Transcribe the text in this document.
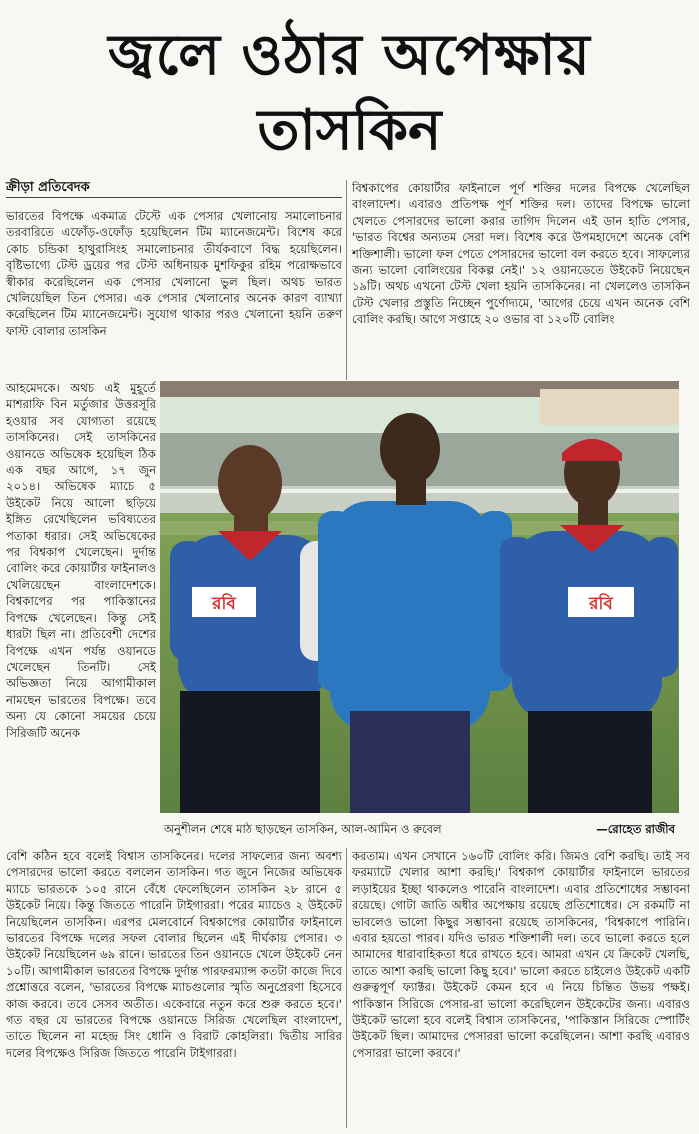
জ্বলে ওঠার অপেক্ষায়
তাসকিন
ক্রীড়া প্রতিবেদক

ভারতের বিপক্ষে একমাত্র টেস্টে এক পেসার খেলানোয় সমালোচনার তরবারিতে এফোঁড়-ওফোঁড় হয়েছিলেন টিম ম্যানেজমেন্ট। বিশেষ করে কোচ চন্ডিকা হাথুরাসিংহ সমালোচনার তীর্যকবাণে বিদ্ধ হয়েছিলেন। বৃষ্টিভাগ্যে টেস্ট ড্রয়ের পর টেস্ট অধিনায়ক মুশফিকুর রহিম পরোক্ষভাবে স্বীকার করেছিলেন এক পেসার খেলানো ভুল ছিল। অথচ ভারত খেলিয়েছিল তিন পেসার। এক পেসার খেলানোর অনেক কারণ ব্যাখ্যা করেছিলেন টিম ম্যানেজমেন্ট। সুযোগ থাকার পরও খেলানো হয়নি তরুণ ফাস্ট বোলার তাসকিন

বিশ্বকাপের কোয়ার্টার ফাইনালে পূর্ণ শক্তির দলের বিপক্ষে খেলেছিল বাংলাদেশ। এবারও প্রতিপক্ষ পূর্ণ শক্তির দল। তাদের বিপক্ষে ভালো খেলতে পেসারদের ভালো করার তাগিদ দিলেন এই ডান হাতি পেসার, 'ভারত বিশ্বের অন্যতম সেরা দল। বিশেষ করে উপমহাদেশে অনেক বেশি শক্তিশালী। ভালো ফল পেতে পেসারদের ভালো বল করতে হবে। সাফল্যের জন্য ভালো বোলিংয়ের বিকল্প নেই।' ১২ ওয়ানডেতে উইকেট নিয়েছেন ১৯টি। অথচ এখনো টেস্ট খেলা হয়নি তাসকিনের। না খেললেও তাসকিন টেস্ট খেলার প্রস্তুতি নিচ্ছেন পুর্ণোদ্যমে, 'আগের চেয়ে এখন অনেক বেশি বোলিং করছি। আগে সপ্তাহে ২০ ওভার বা ১২০টি বোলিং
আহমেদকে। অথচ এই মুহূর্তে মাশরাফি বিন মর্তুজার উত্তরসূরি হওয়ার সব যোগ্যতা রয়েছে তাসকিনের। সেই তাসকিনের ওয়ানডে অভিষেক হয়েছিল ঠিক এক বছর আগে, ১৭ জুন ২০১৪। অভিষেক ম্যাচে ৫ উইকেট নিয়ে আলো ছড়িয়ে ইঙ্গিত রেখেছিলেন ভবিষ্যতের পতাকা ধরার। সেই অভিষেকের পর বিশ্বকাপ খেলেছেন। দুর্দান্ত বোলিং করে কোয়ার্টার ফাইনালও খেলিয়েছেন বাংলাদেশকে। বিশ্বকাপের পর পাকিস্তানের বিপক্ষে খেলেছেন। কিন্তু সেই ধারটা ছিল না। প্রতিবেশী দেশের বিপক্ষে এখন পর্যন্ত ওয়ানডে খেলেছেন তিনটি। সেই অভিজ্ঞতা নিয়ে আগামীকাল নামছেন ভারতের বিপক্ষে। তবে অন্য যে কোনো সময়ের চেয়ে সিরিজটি অনেক
রবি	রবি
অনুশীলন শেষে মাঠ ছাড়ছেন তাসকিন, আল-আমিন ও রুবেল	—রোহেত রাজীব
বেশি কঠিন হবে বলেই বিশ্বাস তাসকিনের। দলের সাফল্যের জন্য অবশ্য পেসারদের ভালো করতে বললেন তাসকিন। গত জুনে নিজের অভিষেক ম্যাচে ভারতকে ১০৫ রানে বেঁধে ফেলেছিলেন তাসকিন ২৮ রানে ৫ উইকেট নিয়ে। কিন্তু জিততে পারেনি টাইগাররা। পরের ম্যাচেও ২ উইকেট নিয়েছিলেন তাসকিন। এরপর মেলবোর্নে বিশ্বকাপের কোয়ার্টার ফাইনালে ভারতের বিপক্ষে দলের সফল বোলার ছিলেন এই দীর্ঘকায় পেসার। ৩ উইকেট নিয়েছিলেন ৬৯ রানে। ভারতের তিন ওয়ানডে খেলে উইকেট নেন ১০টি। আগামীকাল ভারতের বিপক্ষে দুর্দান্ত পারফরম্যান্স কতটা কাজে দিবে প্রশ্নোত্তরে বলেন, 'ভারতের বিপক্ষে ম্যাচগুলোর স্মৃতি অনুপ্রেরণা হিসেবে কাজ করবে। তবে সেসব অতীত। একেবারে নতুন করে শুরু করতে হবে।' গত বছর যে ভারতের বিপক্ষে ওয়ানডে সিরিজ খেলেছিল বাংলাদেশ, তাতে ছিলেন না মহেন্দ্র সিং ধোনি ও বিরাট কোহলিরা। দ্বিতীয় সারির দলের বিপক্ষেও সিরিজ জিততে পারেনি টাইগাররা।
করতাম। এখন সেখানে ১৬০টি বোলিং করি। জিমও বেশি করছি। তাই সব ফরম্যাটে খেলার আশা করছি।' বিশ্বকাপ কোয়ার্টার ফাইনালে ভারতের লড়াইয়ের ইচ্ছা থাকলেও পারেনি বাংলাদেশ। এবার প্রতিশোধের সম্ভাবনা রয়েছে। গোটা জাতি অধীর অপেক্ষায় রয়েছে প্রতিশোধের। সে রকমটি না ভাবলেও ভালো কিছুর সম্ভাবনা রয়েছে তাসকিনের, 'বিশ্বকাপে পারিনি। এবার হয়তো পারব। যদিও ভারত শক্তিশালী দল। তবে ভালো করতে হলে আমাদের ধারাবাহিকতা ধরে রাখতে হবে। আমরা এখন যে ক্রিকেট খেলছি, তাতে আশা করছি ভালো কিছু হবে।' ভালো করতে চাইলেও উইকেট একটি গুরুত্বপূর্ণ ফ্যাক্টর। উইকেট কেমন হবে এ নিয়ে চিন্তিত উভয় পক্ষই। পাকিস্তান সিরিজে পেসার-রা ভালো করেছিলেন উইকেটের জন্য। এবারও উইকেট ভালো হবে বলেই বিশ্বাস তাসকিনের, 'পাকিস্তান সিরিজে স্পোর্টিং উইকেট ছিল। আমাদের পেসাররা ভালো করেছিলেন। আশা করছি এবারও পেসাররা ভালো করবে।'
